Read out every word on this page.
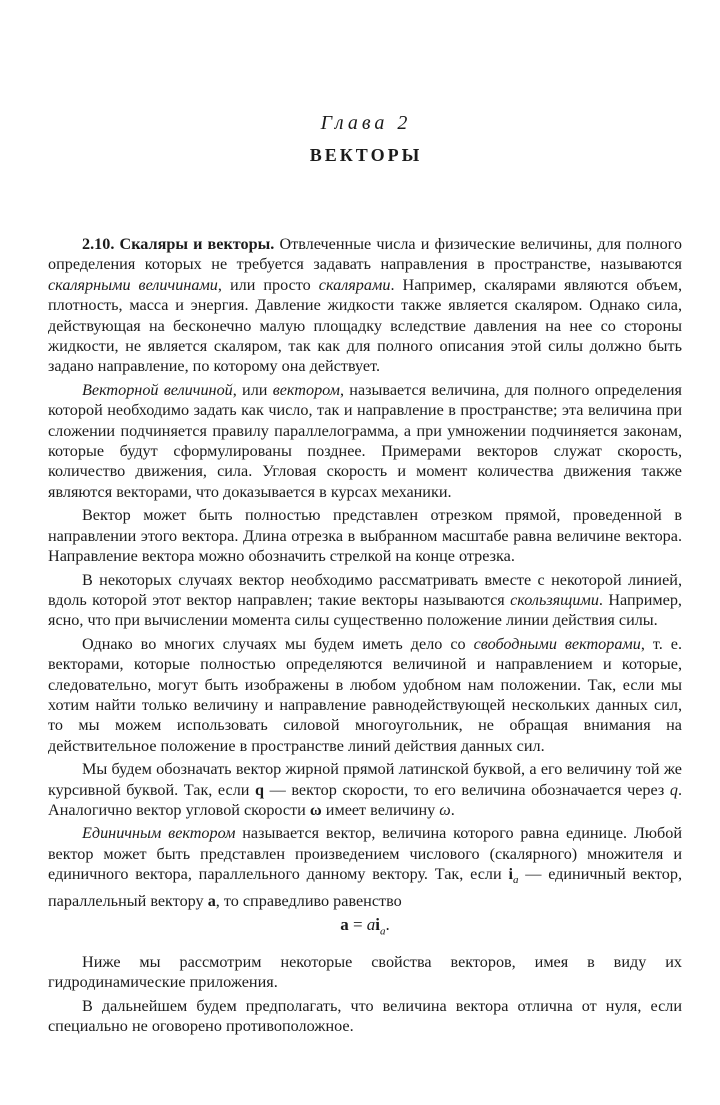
Глава 2
ВЕКТОРЫ

2.10. Скаляры и векторы. Отвлеченные числа и физические величины, для полного определения которых не требуется задавать направления в пространстве, называются скалярными величинами, или просто скалярами. Например, скалярами являются объем, плотность, масса и энергия. Давление жидкости также является скаляром. Однако сила, действующая на бесконечно малую площадку вследствие давления на нее со стороны жидкости, не является скаляром, так как для полного описания этой силы должно быть задано направление, по которому она действует.

Векторной величиной, или вектором, называется величина, для полного определения которой необходимо задать как число, так и направление в пространстве; эта величина при сложении подчиняется правилу параллелограмма, а при умножении подчиняется законам, которые будут сформулированы позднее. Примерами векторов служат скорость, количество движения, сила. Угловая скорость и момент количества движения также являются векторами, что доказывается в курсах механики.

Вектор может быть полностью представлен отрезком прямой, проведенной в направлении этого вектора. Длина отрезка в выбранном масштабе равна величине вектора. Направление вектора можно обозначить стрелкой на конце отрезка.

В некоторых случаях вектор необходимо рассматривать вместе с некоторой линией, вдоль которой этот вектор направлен; такие векторы называются скользящими. Например, ясно, что при вычислении момента силы существенно положение линии действия силы.

Однако во многих случаях мы будем иметь дело со свободными векторами, т. е. векторами, которые полностью определяются величиной и направлением и которые, следовательно, могут быть изображены в любом удобном нам положении. Так, если мы хотим найти только величину и направление равнодействующей нескольких данных сил, то мы можем использовать силовой многоугольник, не обращая внимания на действительное положение в пространстве линий действия данных сил.

Мы будем обозначать вектор жирной прямой латинской буквой, а его величину той же курсивной буквой. Так, если q — вектор скорости, то его величина обозначается через q. Аналогично вектор угловой скорости ω имеет величину ω.

Единичным вектором называется вектор, величина которого равна единице. Любой вектор может быть представлен произведением числового (скалярного) множителя и единичного вектора, параллельного данному вектору. Так, если $i_a$ — единичный вектор, параллельный вектору a, то справедливо равенство

$a = ai_a$.

Ниже мы рассмотрим некоторые свойства векторов, имея в виду их гидродинамические приложения.

В дальнейшем будем предполагать, что величина вектора отлична от нуля, если специально не оговорено противоположное.
